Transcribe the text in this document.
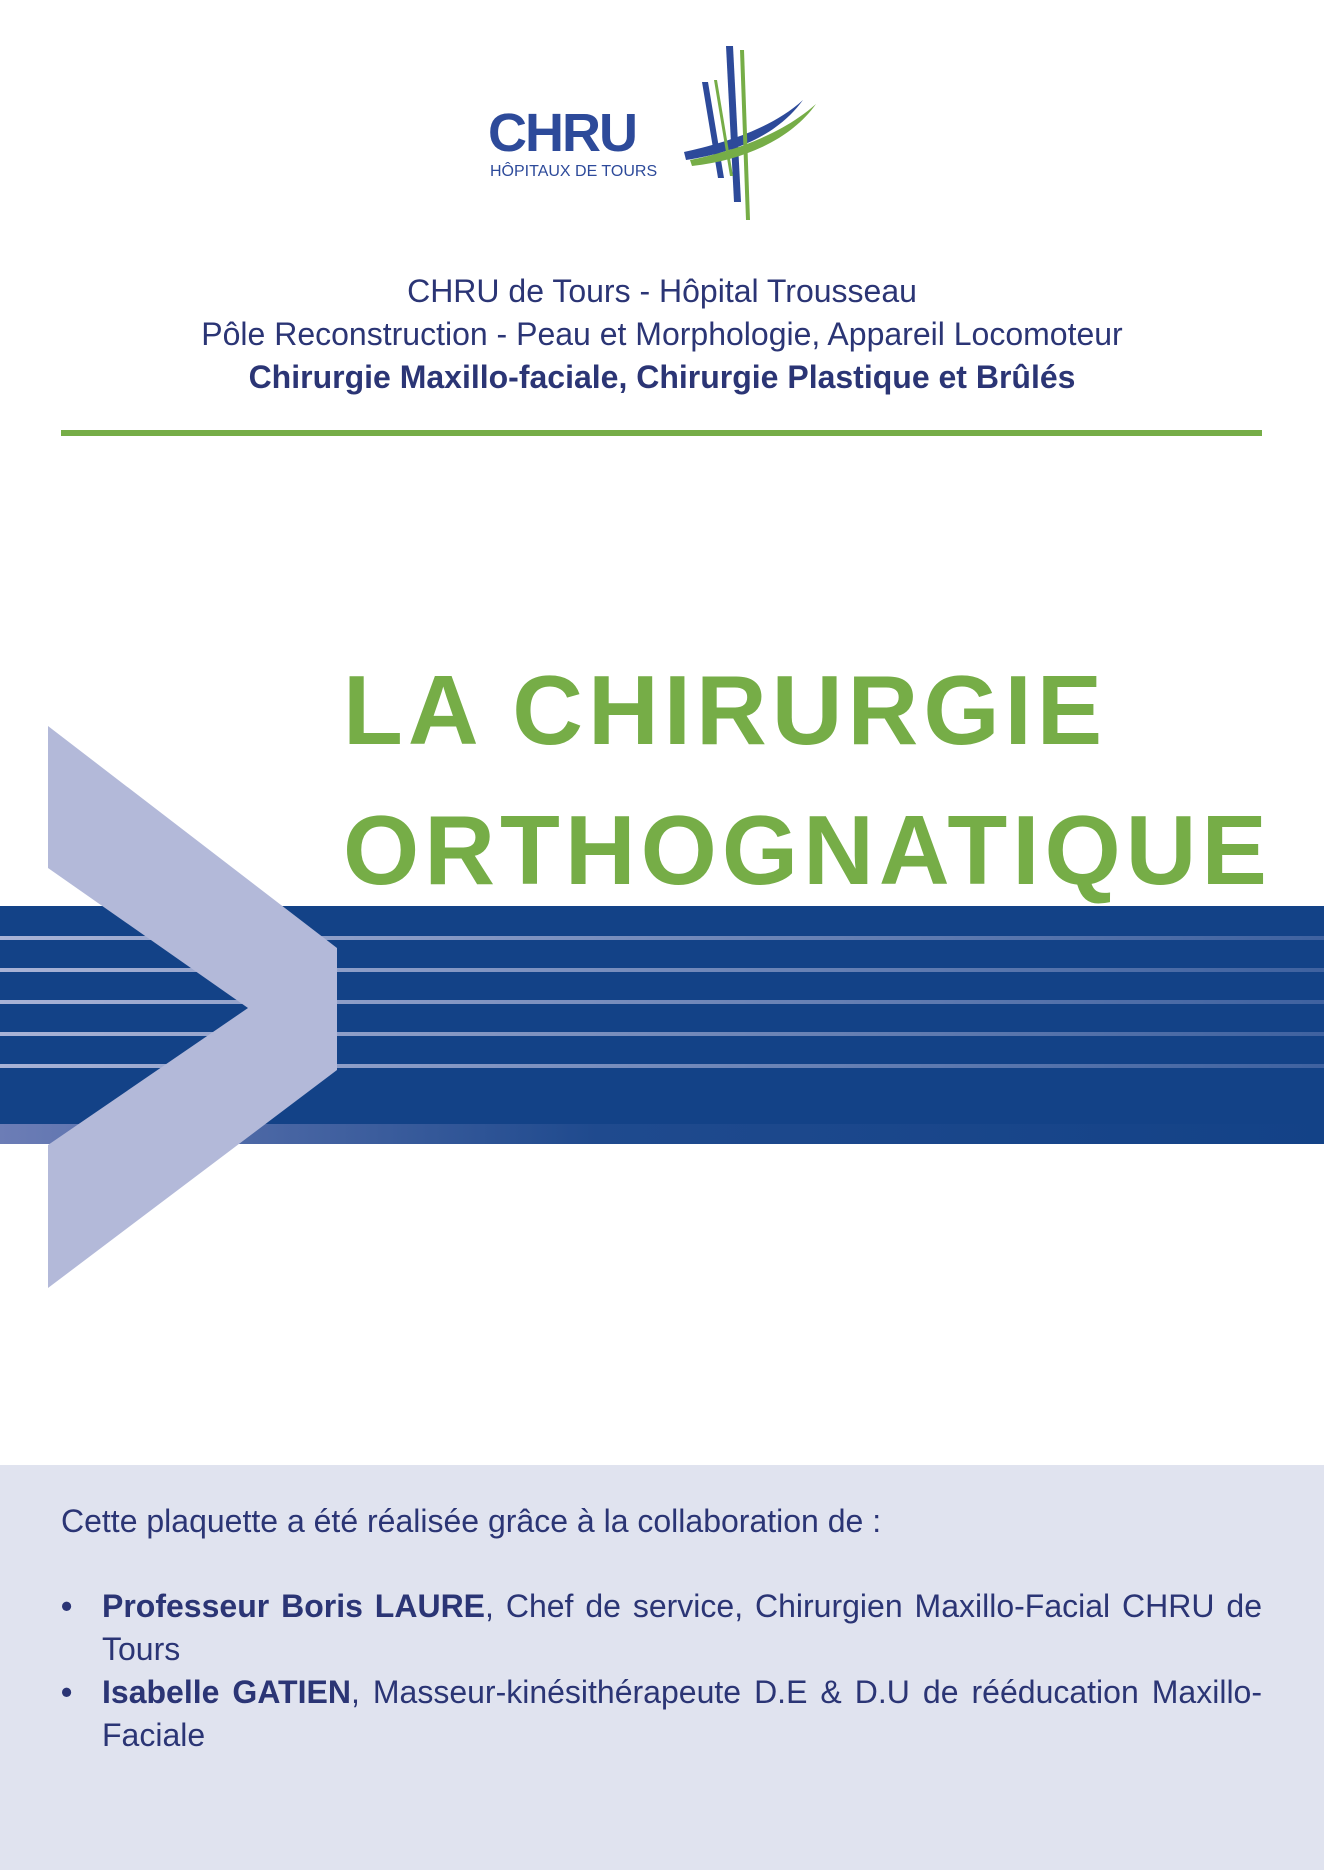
CHRU
HÔPITAUX DE TOURS
CHRU de Tours - Hôpital Trousseau
Pôle Reconstruction - Peau et Morphologie, Appareil Locomoteur
Chirurgie Maxillo-faciale, Chirurgie Plastique et Brûlés
LA CHIRURGIE
ORTHOGNATIQUE
Cette plaquette a été réalisée grâce à la collaboration de :
• Professeur Boris LAURE, Chef de service, Chirurgien Maxillo-Facial CHRU de Tours
• Isabelle GATIEN, Masseur-kinésithérapeute D.E & D.U de rééducation Maxillo-Faciale
